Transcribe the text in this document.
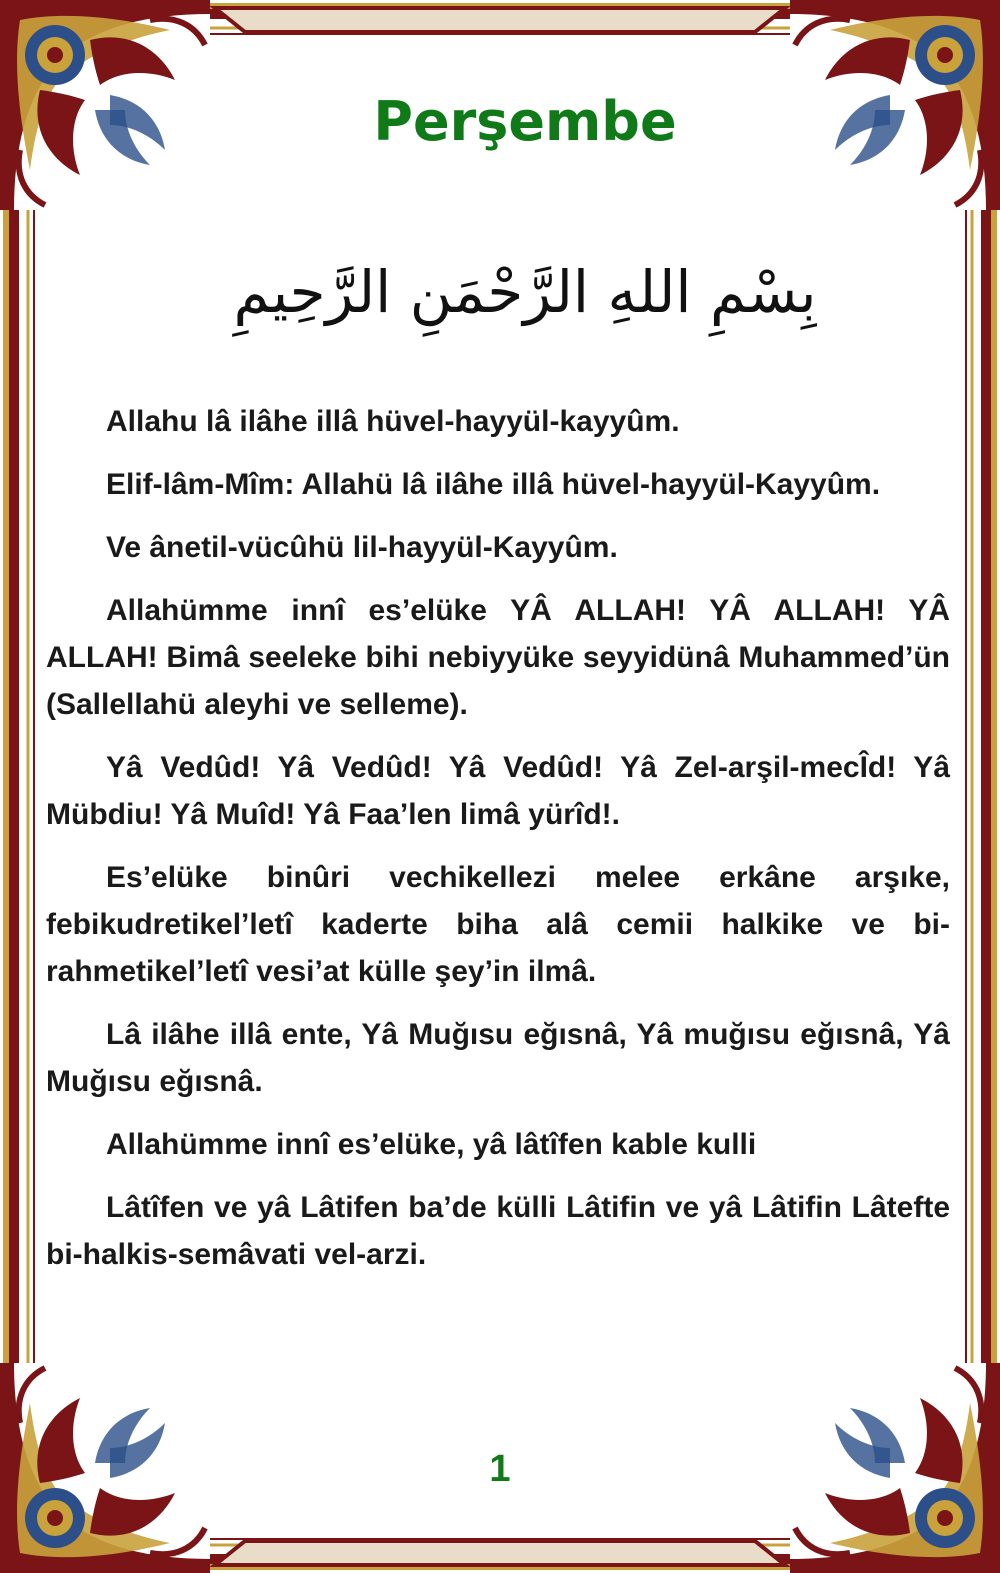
Perşembe
بِسْمِ اللهِ الرَّحْمَنِ الرَّحِيمِ

Allahu lâ ilâhe illâ hüvel-hayyül-kayyûm.

Elif-lâm-Mîm: Allahü lâ ilâhe illâ hüvel-hayyül-Kayyûm.

Ve ânetil-vücûhü lil-hayyül-Kayyûm.

Allahümme innî es’elüke YÂ ALLAH! YÂ ALLAH! YÂ ALLAH! Bimâ seeleke bihi nebiyyüke seyyidünâ Muhammed’ün (Sallellahü aleyhi ve selleme).

Yâ Vedûd! Yâ Vedûd! Yâ Vedûd! Yâ Zel-arşil-mecÎd! Yâ Mübdiu! Yâ Muîd! Yâ Faa’len limâ yürîd!.

Es’elüke binûri vechikellezi melee erkâne arşıke, febikudretikel’letî kaderte biha alâ cemii halkike ve bi-rahmetikel’letî vesi’at külle şey’in ilmâ.

Lâ ilâhe illâ ente, Yâ Muğısu eğısnâ, Yâ muğısu eğısnâ, Yâ Muğısu eğısnâ.

Allahümme innî es’elüke, yâ lâtîfen kable kulli

Lâtîfen ve yâ Lâtifen ba’de külli Lâtifin ve yâ Lâtifin Lâtefte bi-halkis-semâvati vel-arzi.

1
